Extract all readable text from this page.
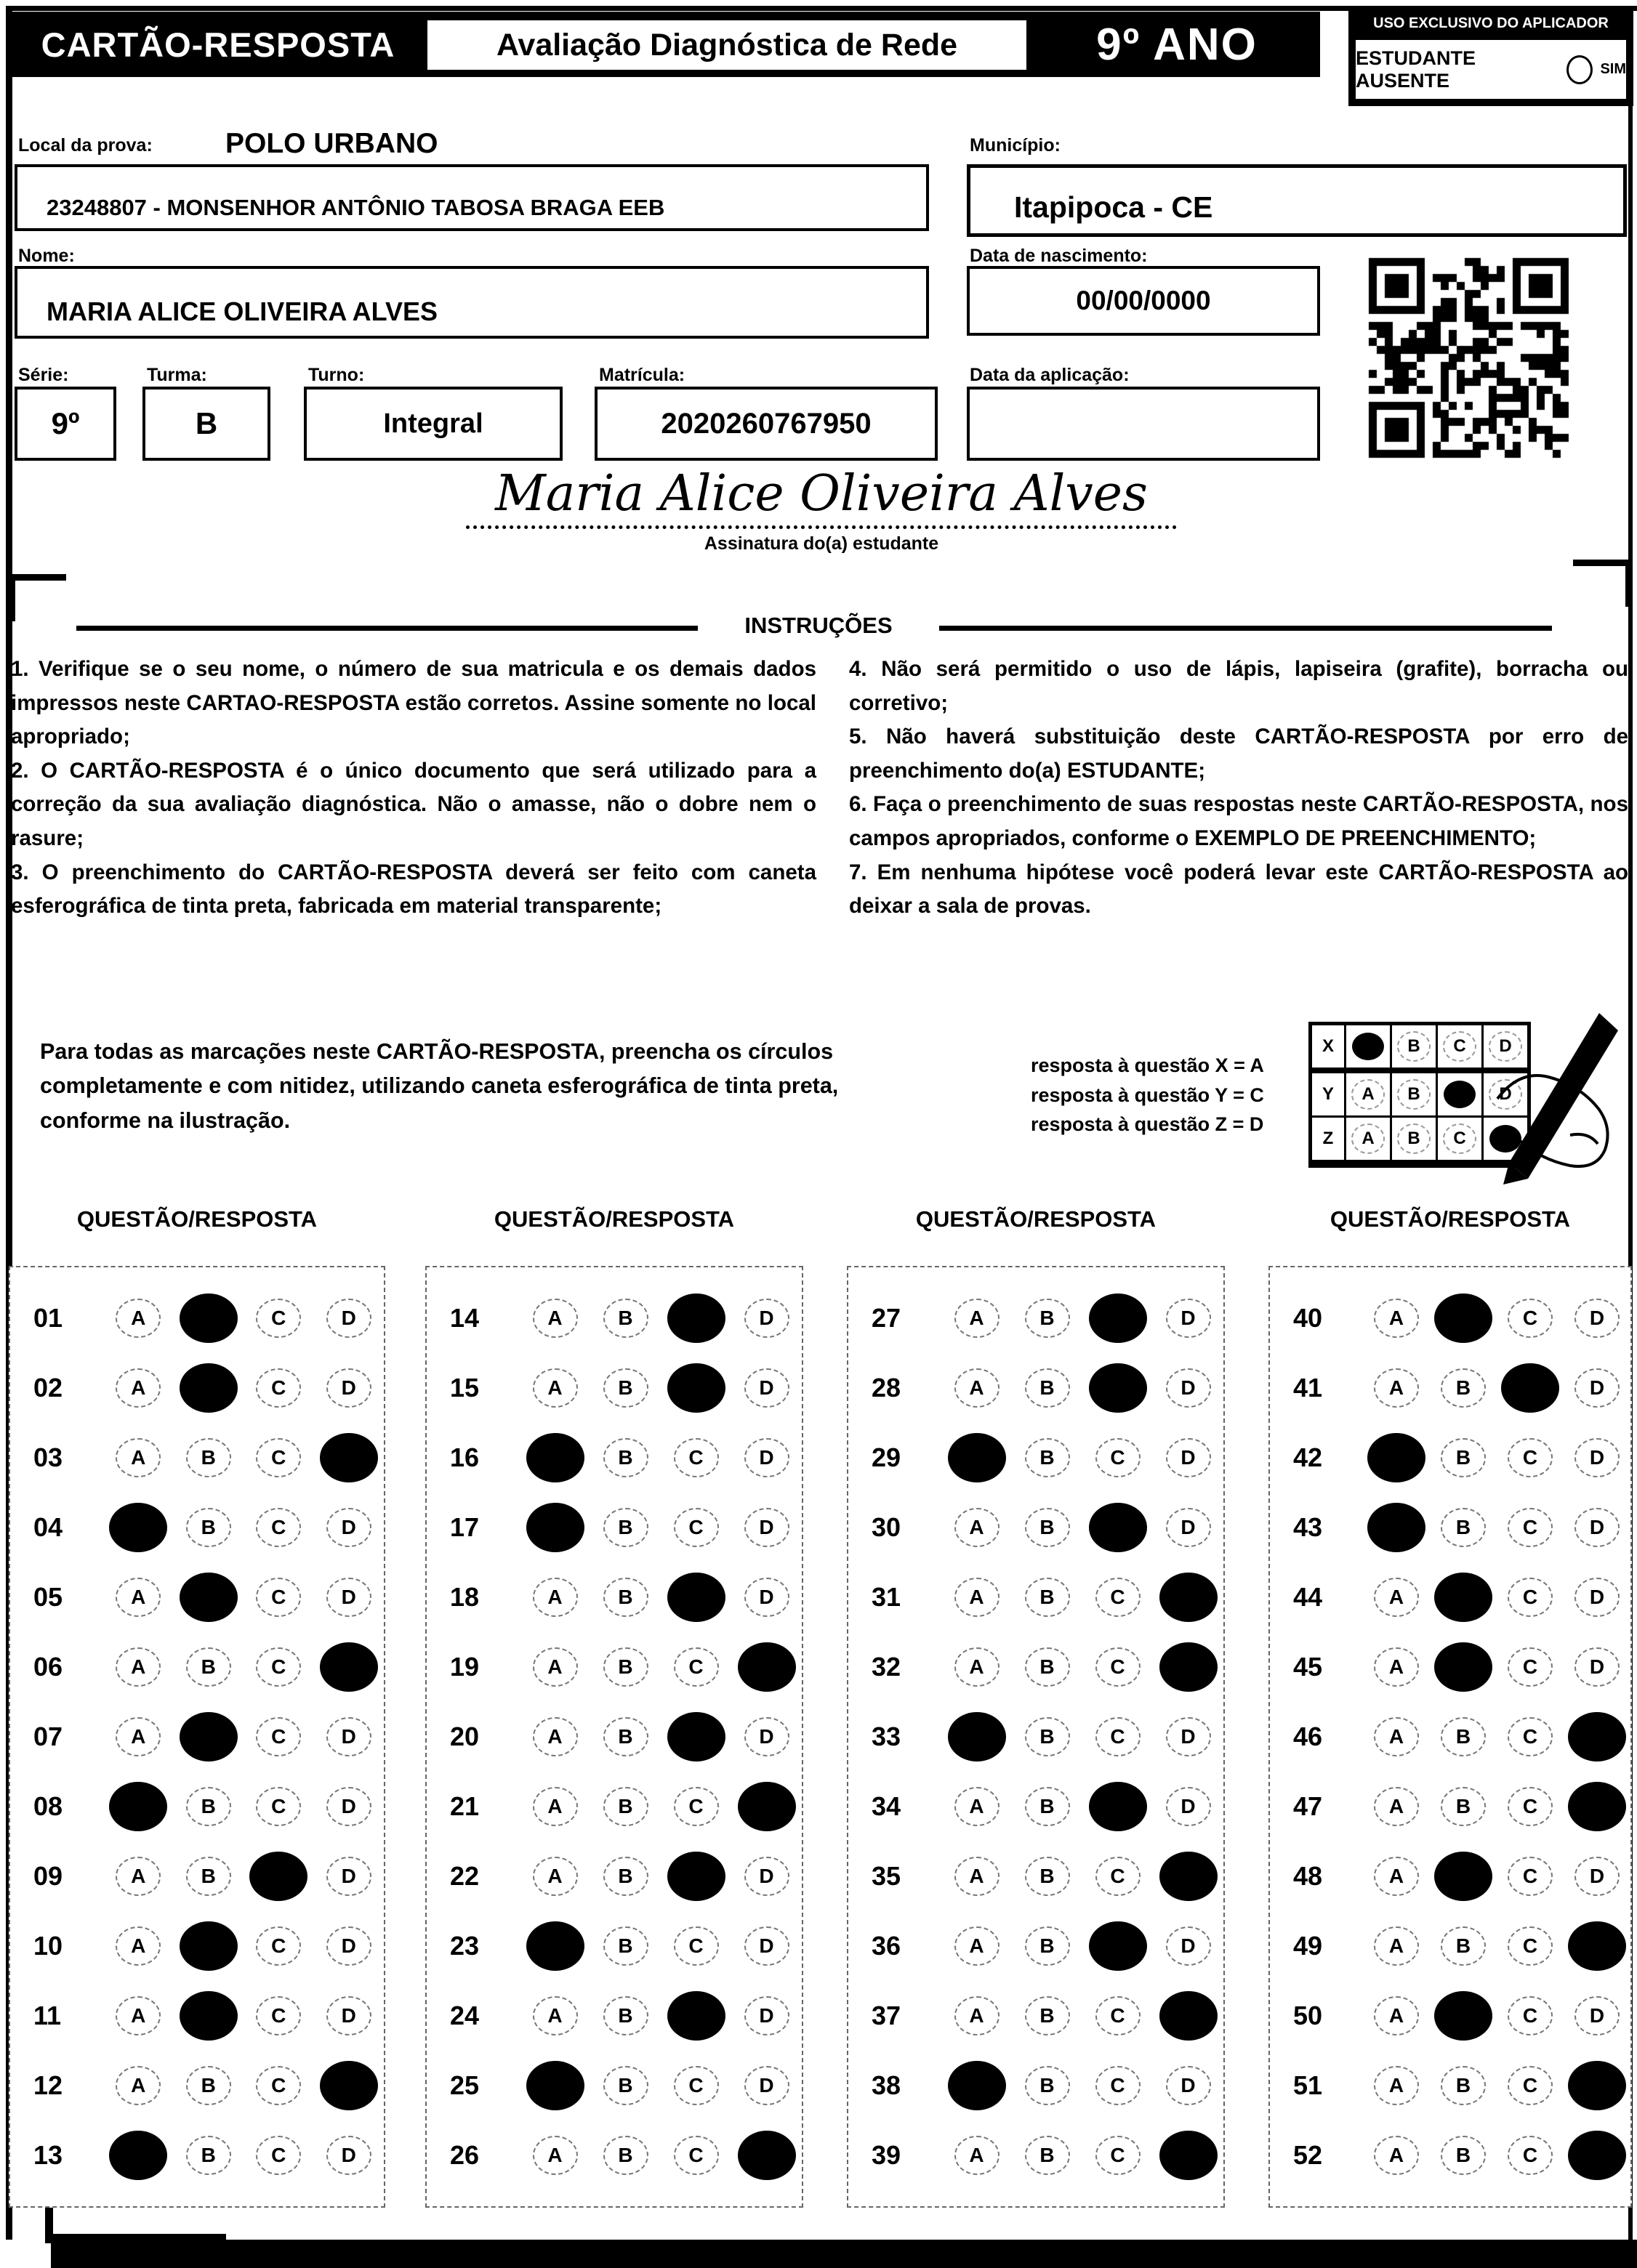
CARTÃO-RESPOSTA	Avaliação Diagnóstica de Rede	9º ANO	USO EXCLUSIVO DO APLICADOR
ESTUDANTE AUSENTE
SIM
Local da prova:	POLO URBANO
23248807 - MONSENHOR ANTÔNIO TABOSA BRAGA EEB
Município:
Itapipoca - CE
Nome:
MARIA ALICE OLIVEIRA ALVES
Data de nascimento:
00/00/0000
Série:
9º
Turma:
B
Turno:
Integral
Matrícula:
2020260767950
Data da aplicação:
Maria Alice Oliveira Alves
Assinatura do(a) estudante
INSTRUÇÕES

1. Verifique se o seu nome, o número de sua matricula e os demais dados impressos neste CARTAO-RESPOSTA estão corretos. Assine somente no local apropriado;

2. O CARTÃO-RESPOSTA é o único documento que será utilizado para a correção da sua avaliação diagnóstica. Não o amasse, não o dobre nem o rasure;

3. O preenchimento do CARTÃO-RESPOSTA deverá ser feito com caneta esferográfica de tinta preta, fabricada em material transparente;

4. Não será permitido o uso de lápis, lapiseira (grafite), borracha ou corretivo;

5. Não haverá substituição deste CARTÃO-RESPOSTA por erro de preenchimento do(a) ESTUDANTE;

6. Faça o preenchimento de suas respostas neste CARTÃO-RESPOSTA, nos campos apropriados, conforme o EXEMPLO DE PREENCHIMENTO;

7. Em nenhuma hipótese você poderá levar este CARTÃO-RESPOSTA ao deixar a sala de provas.

Para todas as marcações neste CARTÃO-RESPOSTA, preencha os círculos completamente e com nitidez, utilizando caneta esferográfica de tinta preta, conforme na ilustração.
resposta à questão X = A
resposta à questão Y = C
resposta à questão Z = D
X	B C D
Y	A B	D
Z	A B C
QUESTÃO/RESPOSTA	QUESTÃO/RESPOSTA	QUESTÃO/RESPOSTA	QUESTÃO/RESPOSTA
01	A	C	D
02	A	C	D
03	A	B	C
04	B	C	D
05	A	C	D
06	A	B	C
07	A	C	D
08	B	C	D
09	A	B	D
10	A	C	D
11	A	C	D
12	A	B	C
13	B	C	D
14	A	B	D
15	A	B	D
16	B	C	D
17	B	C	D
18	A	B	D
19	A	B	C
20	A	B	D
21	A	B	C
22	A	B	D
23	B	C	D
24	A	B	D
25	B	C	D
26	A	B	C
27	A	B	D
28	A	B	D
29	B	C	D
30	A	B	D
31	A	B	C
32	A	B	C
33	B	C	D
34	A	B	D
35	A	B	C
36	A	B	D
37	A	B	C
38	B	C	D
39	A	B	C
40	A	C	D
41	A	B	D
42	B	C	D
43	B	C	D
44	A	C	D
45	A	C	D
46	A	B	C
47	A	B	C
48	A	C	D
49	A	B	C
50	A	C	D
51	A	B	C
52	A	B	C
